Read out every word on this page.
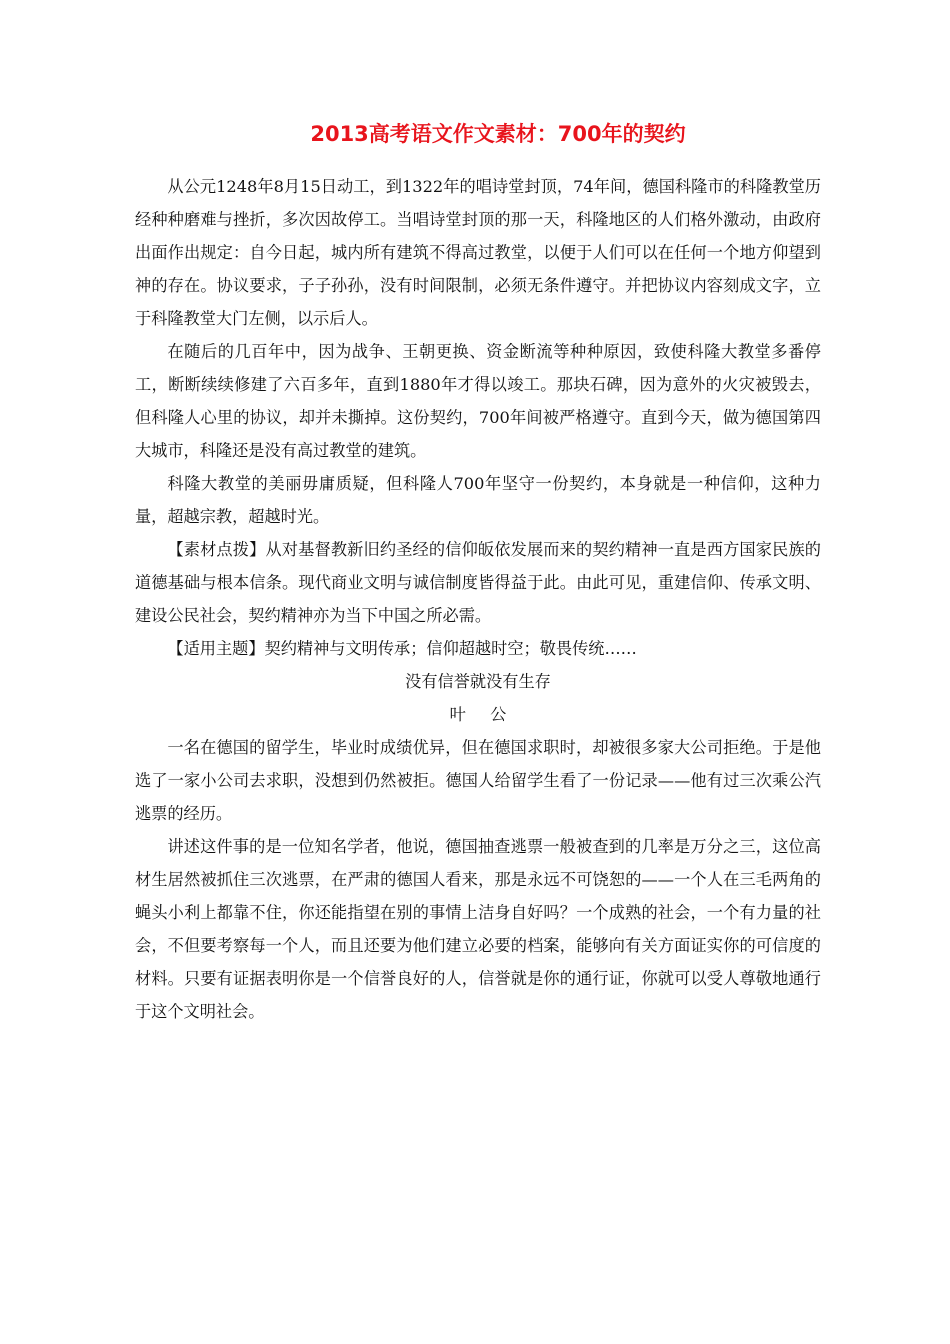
2013高考语文作文素材：700年的契约

从公元1248年8月15日动工，到1322年的唱诗堂封顶，74年间，德国科隆市的科隆教堂历经种种磨难与挫折，多次因故停工。当唱诗堂封顶的那一天，科隆地区的人们格外激动，由政府出面作出规定：自今日起，城内所有建筑不得高过教堂，以便于人们可以在任何一个地方仰望到神的存在。协议要求，子子孙孙，没有时间限制，必须无条件遵守。并把协议内容刻成文字，立于科隆教堂大门左侧，以示后人。

在随后的几百年中，因为战争、王朝更换、资金断流等种种原因，致使科隆大教堂多番停工，断断续续修建了六百多年，直到1880年才得以竣工。那块石碑，因为意外的火灾被毁去，但科隆人心里的协议，却并未撕掉。这份契约，700年间被严格遵守。直到今天，做为德国第四大城市，科隆还是没有高过教堂的建筑。

科隆大教堂的美丽毋庸质疑，但科隆人700年坚守一份契约，本身就是一种信仰，这种力量，超越宗教，超越时光。

【素材点拨】从对基督教新旧约圣经的信仰皈依发展而来的契约精神一直是西方国家民族的道德基础与根本信条。现代商业文明与诚信制度皆得益于此。由此可见，重建信仰、传承文明、建设公民社会，契约精神亦为当下中国之所必需。

【适用主题】契约精神与文明传承；信仰超越时空；敬畏传统……

没有信誉就没有生存

叶公

一名在德国的留学生，毕业时成绩优异，但在德国求职时，却被很多家大公司拒绝。于是他选了一家小公司去求职，没想到仍然被拒。德国人给留学生看了一份记录——他有过三次乘公汽逃票的经历。

讲述这件事的是一位知名学者，他说，德国抽查逃票一般被查到的几率是万分之三，这位高材生居然被抓住三次逃票，在严肃的德国人看来，那是永远不可饶恕的——一个人在三毛两角的蝇头小利上都靠不住，你还能指望在别的事情上洁身自好吗？一个成熟的社会，一个有力量的社会，不但要考察每一个人，而且还要为他们建立必要的档案，能够向有关方面证实你的可信度的材料。只要有证据表明你是一个信誉良好的人，信誉就是你的通行证，你就可以受人尊敬地通行于这个文明社会。
